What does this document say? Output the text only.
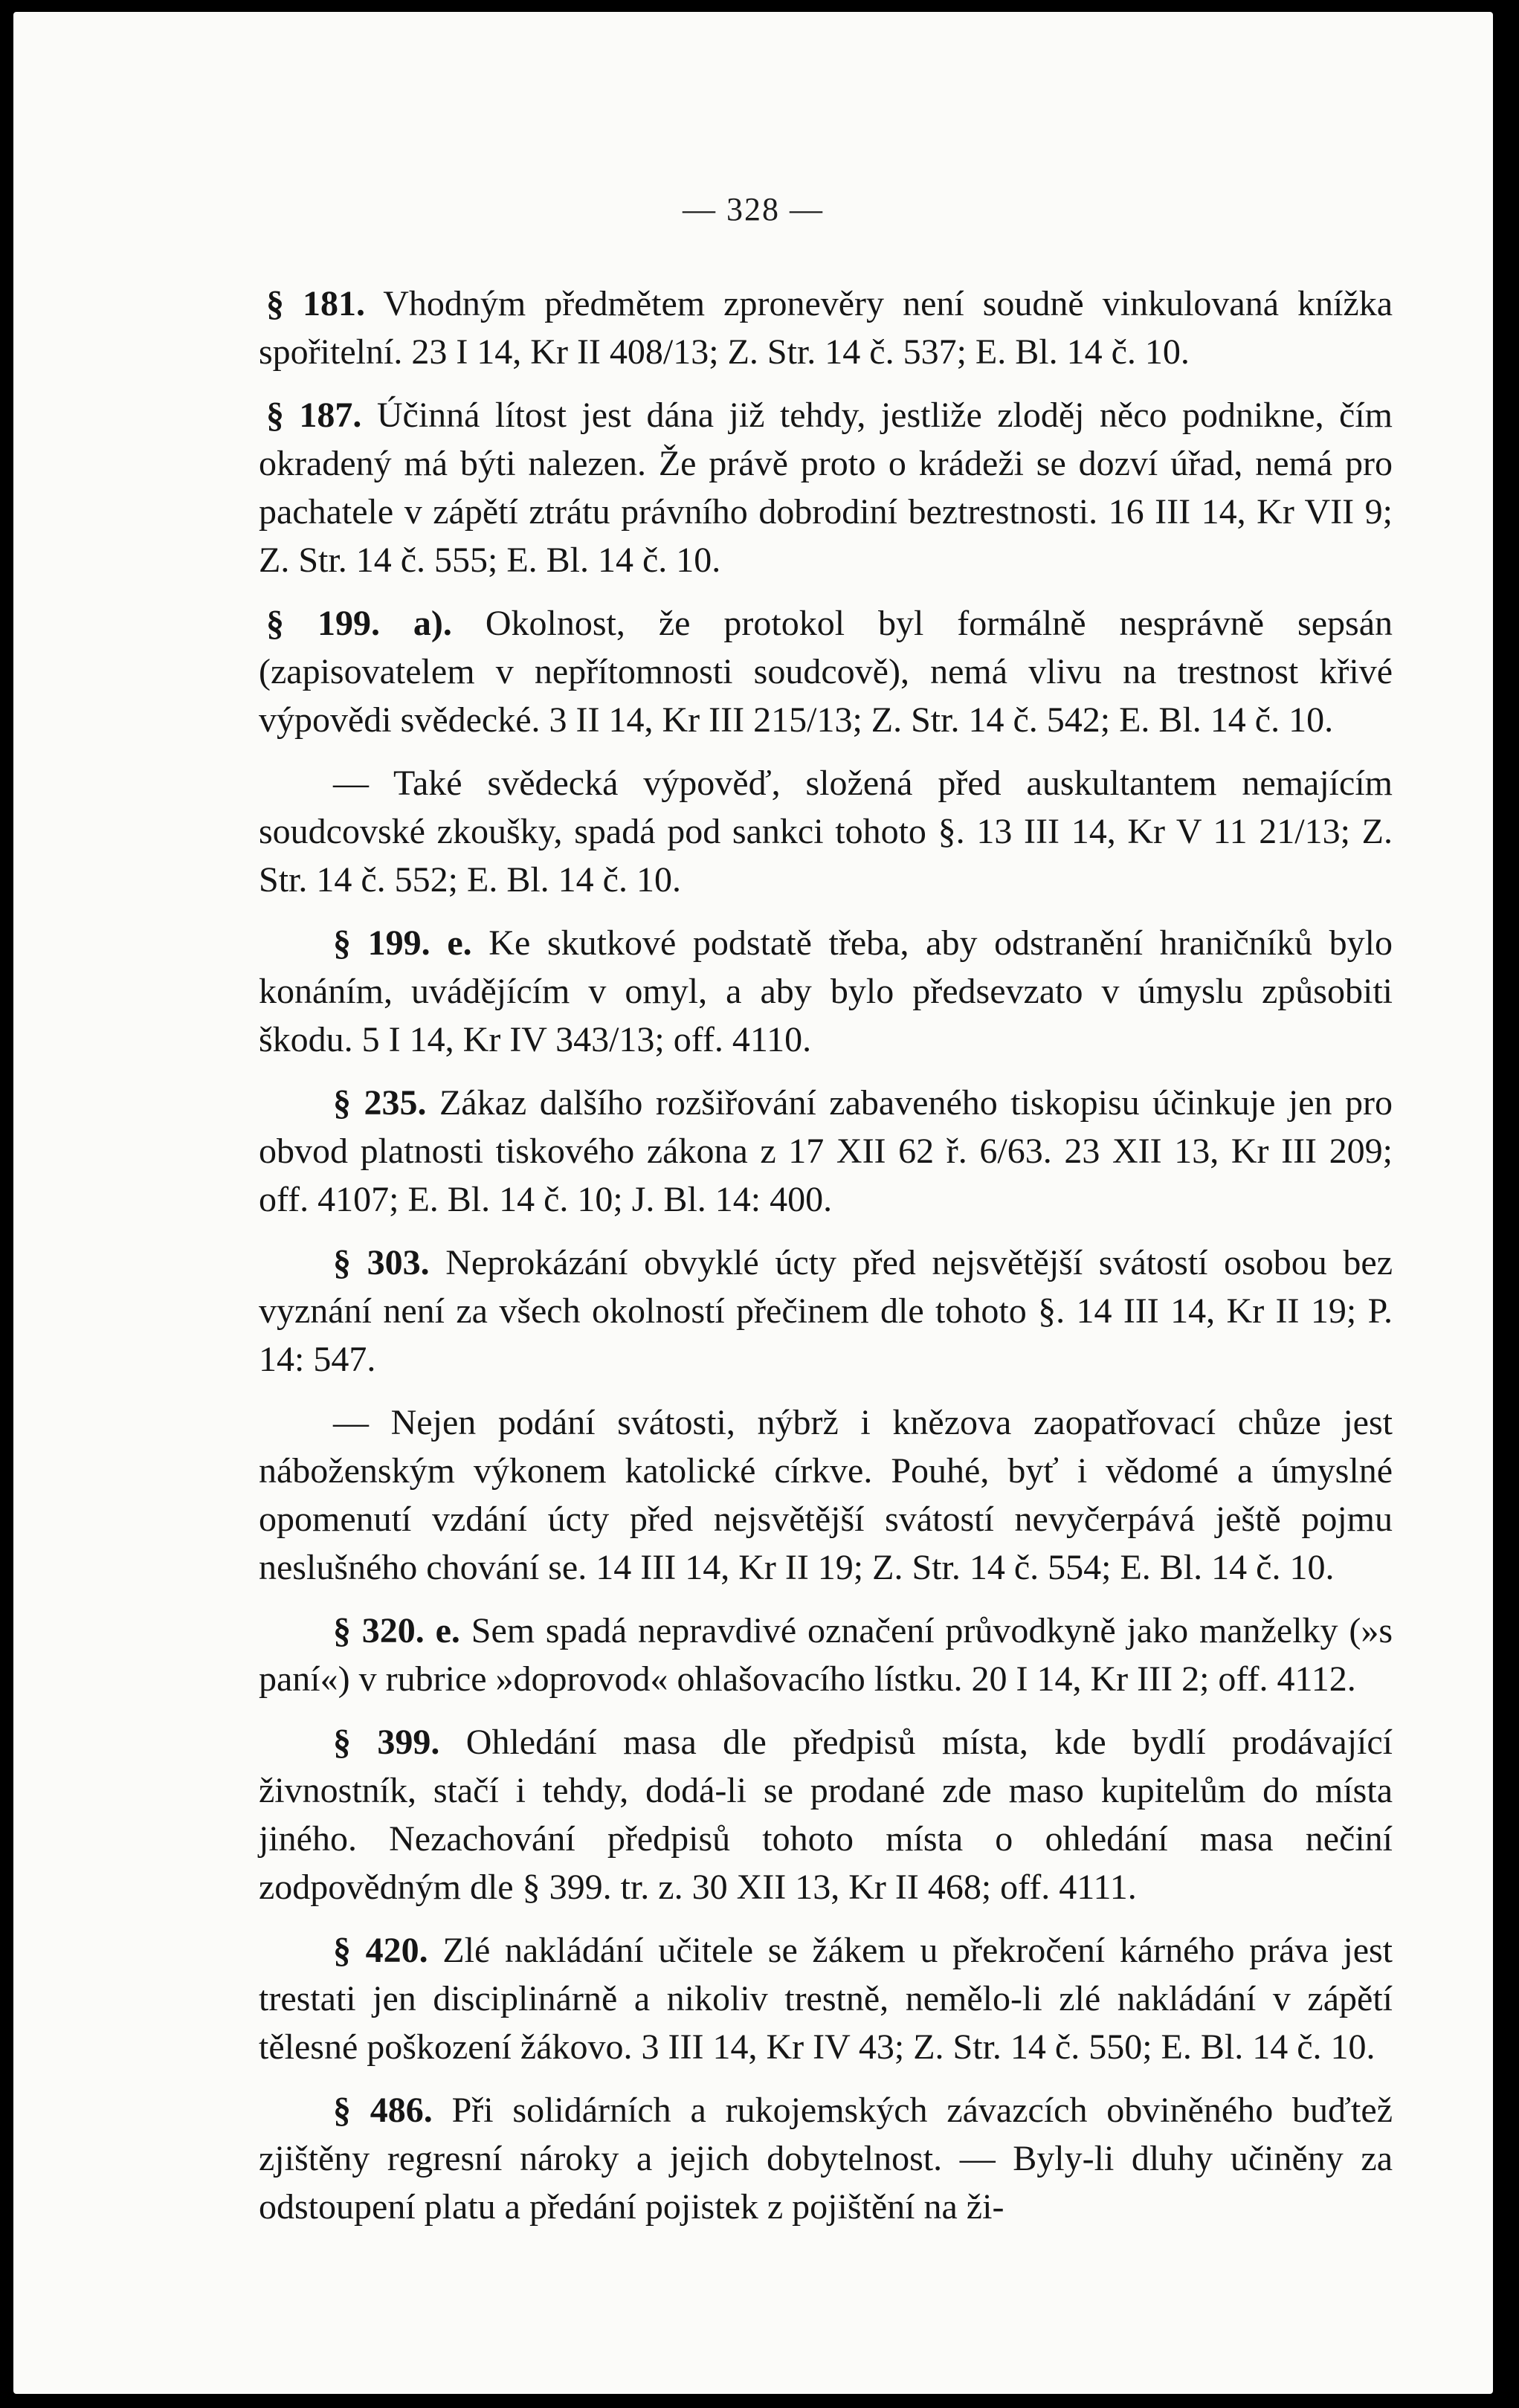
— 328 —

§ 181. Vhodným předmětem zpronevěry není soudně vinkulovaná knížka spořitelní. 23 I 14, Kr II 408/13; Z. Str. 14 č. 537; E. Bl. 14 č. 10.

§ 187. Účinná lítost jest dána již tehdy, jestliže zloděj něco podnikne, čím okradený má býti nalezen. Že právě proto o krádeži se dozví úřad, nemá pro pachatele v zápětí ztrátu právního dobrodiní beztrestnosti. 16 III 14, Kr VII 9; Z. Str. 14 č. 555; E. Bl. 14 č. 10.

§ 199. a). Okolnost, že protokol byl formálně nesprávně sepsán (zapisovatelem v nepřítomnosti soudcově), nemá vlivu na trestnost křivé výpovědi svědecké. 3 II 14, Kr III 215/13; Z. Str. 14 č. 542; E. Bl. 14 č. 10.

— Také svědecká výpověď, složená před auskultantem nemajícím soudcovské zkoušky, spadá pod sankci tohoto §. 13 III 14, Kr V 11 21/13; Z. Str. 14 č. 552; E. Bl. 14 č. 10.

§ 199. e. Ke skutkové podstatě třeba, aby odstranění hraničníků bylo konáním, uvádějícím v omyl, a aby bylo předsevzato v úmyslu způsobiti škodu. 5 I 14, Kr IV 343/13; off. 4110.

§ 235. Zákaz dalšího rozšiřování zabaveného tiskopisu účinkuje jen pro obvod platnosti tiskového zákona z 17 XII 62 ř. 6/63. 23 XII 13, Kr III 209; off. 4107; E. Bl. 14 č. 10; J. Bl. 14: 400.

§ 303. Neprokázání obvyklé úcty před nejsvětější svátostí osobou bez vyznání není za všech okolností přečinem dle tohoto §. 14 III 14, Kr II 19; P. 14: 547.

— Nejen podání svátosti, nýbrž i knězova zaopatřovací chůze jest náboženským výkonem katolické církve. Pouhé, byť i vědomé a úmyslné opomenutí vzdání úcty před nejsvětější svátostí nevyčerpává ještě pojmu neslušného chování se. 14 III 14, Kr II 19; Z. Str. 14 č. 554; E. Bl. 14 č. 10.

§ 320. e. Sem spadá nepravdivé označení průvodkyně jako manželky (»s paní«) v rubrice »doprovod« ohlašovacího lístku. 20 I 14, Kr III 2; off. 4112.

§ 399. Ohledání masa dle předpisů místa, kde bydlí prodávající živnostník, stačí i tehdy, dodá-li se prodané zde maso kupitelům do místa jiného. Nezachování předpisů tohoto místa o ohledání masa nečiní zodpovědným dle § 399. tr. z. 30 XII 13, Kr II 468; off. 4111.

§ 420. Zlé nakládání učitele se žákem u překročení kárného práva jest trestati jen disciplinárně a nikoliv trestně, nemělo-li zlé nakládání v zápětí tělesné poškození žákovo. 3 III 14, Kr IV 43; Z. Str. 14 č. 550; E. Bl. 14 č. 10.

§ 486. Při solidárních a rukojemských závazcích obviněného buďtež zjištěny regresní nároky a jejich dobytelnost. — Byly-li dluhy učiněny za odstoupení platu a předání pojistek z pojištění na ži-
